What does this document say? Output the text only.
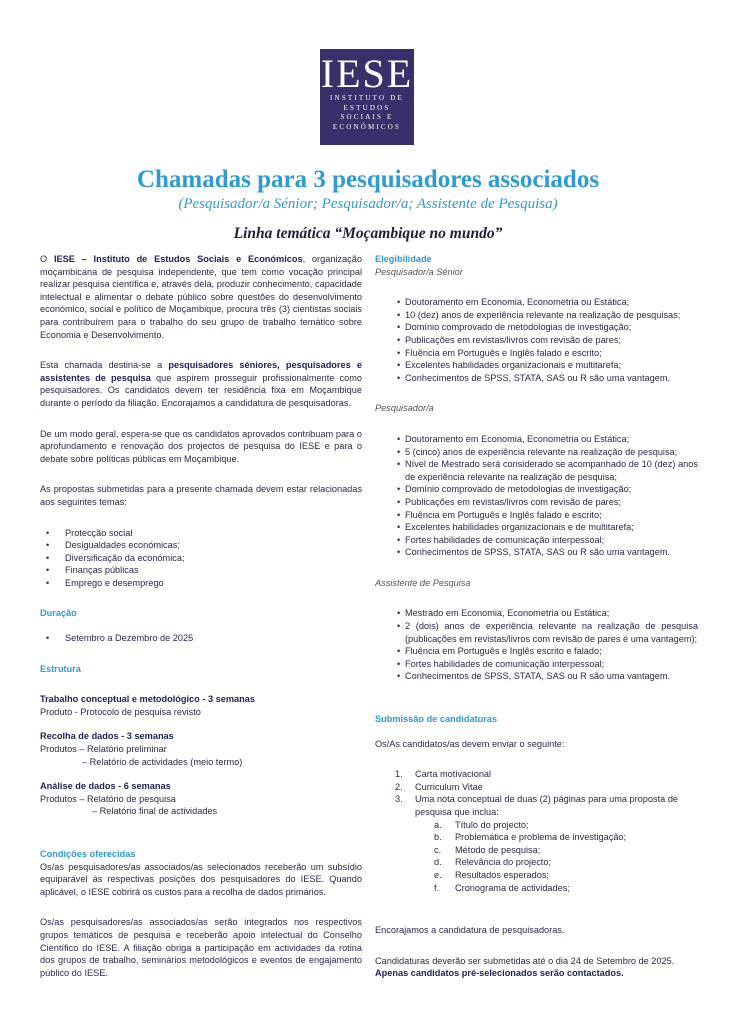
IESE
INSTITUTO DE
ESTUDOS
SOCIAIS E
ECONÓMICOS
Chamadas para 3 pesquisadores associados
(Pesquisador/a Sénior; Pesquisador/a; Assistente de Pesquisa)
Linha temática “Moçambique no mundo”

O IESE – Instituto de Estudos Sociais e Económicos, organização moçambicana de pesquisa independente, que tem como vocação principal realizar pesquisa científica e, através dela, produzir conhecimento, capacidade intelectual e alimentar o debate público sobre questões do desenvolvimento económico, social e político de Moçambique, procura três (3) cientistas sociais para contribuírem para o trabalho do seu grupo de trabalho temático sobre Economia e Desenvolvimento.

Esta chamada destina-se a pesquisadores séniores, pesquisadores e assistentes de pesquisa que aspirem prosseguir profissionalmente como pesquisadores. Os candidatos devem ter residência fixa em Moçambique durante o período da filiação. Encorajamos a candidatura de pesquisadoras.

De um modo geral, espera-se que os candidatos aprovados contribuam para o aprofundamento e renovação dos projectos de pesquisa do IESE e para o debate sobre políticas públicas em Moçambique.

As propostas submetidas para a presente chamada devem estar relacionadas aos seguintes temas:

• Protecção social
• Desigualdades económicas;
• Diversificação da económica;
• Finanças públicas
• Emprego e desemprego
Duração
• Setembro a Dezembro de 2025
Estrutura
Trabalho conceptual e metodológico - 3 semanas
Produto - Protocolo de pesquisa revisto
Recolha de dados - 3 semanas
Produtos – Relatório preliminar
– Relatório de actividades (meio termo)
Análise de dados - 6 semanas
Produtos – Relatório de pesquisa
– Relatório final de actividades
Condições oferecidas

Os/as pesquisadores/as associados/as selecionados receberão um subsídio equiparável às respectivas posições dos pesquisadores do IESE. Quando aplicável, o IESE cobrirá os custos para a recolha de dados primários.

Os/as pesquisadores/as associados/as serão integrados nos respectivos grupos temáticos de pesquisa e receberão apoio intelectual do Conselho Científico do IESE. A filiação obriga a participação em actividades da rotina dos grupos de trabalho, seminários metodológicos e eventos de engajamento público do IESE.

Elegibilidade
Pesquisador/a Sénior
• Doutoramento em Economia, Econometria ou Estática;
• 10 (dez) anos de experiência relevante na realização de pesquisas;
• Domínio comprovado de metodologias de investigação;
• Publicações em revistas/livros com revisão de pares;
• Fluência em Português e Inglês falado e escrito;
• Excelentes habilidades organizacionais e multitarefa;
• Conhecimentos de SPSS, STATA, SAS ou R são uma vantagem.
Pesquisador/a
• Doutoramento em Economia, Econometria ou Estática;
• 5 (cinco) anos de experiência relevante na realização de pesquisa;
• Nível de Mestrado será considerado se acompanhado de 10 (dez) anos de experiência relevante na realização de pesquisa;
• Domínio comprovado de metodologias de investigação;
• Publicações em revistas/livros com revisão de pares;
• Fluência em Português e Inglês falado e escrito;
• Excelentes habilidades organizacionais e de multitarefa;
• Fortes habilidades de comunicação interpessoal;
• Conhecimentos de SPSS, STATA, SAS ou R são uma vantagem.
Assistente de Pesquisa
• Mestrado em Economia, Econometria ou Estática;
• 2 (dois) anos de experiência relevante na realização de pesquisa (publicações em revistas/livros com revisão de pares é uma vantagem);
• Fluência em Português e Inglês escrito e falado;
• Fortes habilidades de comunicação interpessoal;
• Conhecimentos de SPSS, STATA, SAS ou R são uma vantagem.
Submissão de candidaturas
Os/As candidatos/as devem enviar o seguinte:
1. Carta motivacional
2. Curriculum Vitae
3. Uma nota conceptual de duas (2) páginas para uma proposta de pesquisa que inclua:
a. Título do projecto;
b. Problemática e problema de investigação;
c. Método de pesquisa;
d. Relevância do projecto;
e. Resultados esperados;
f. Cronograma de actividades;
Encorajamos a candidatura de pesquisadoras.
Candidaturas deverão ser submetidas até o dia 24 de Setembro de 2025.
Apenas candidatos pré-selecionados serão contactados.
